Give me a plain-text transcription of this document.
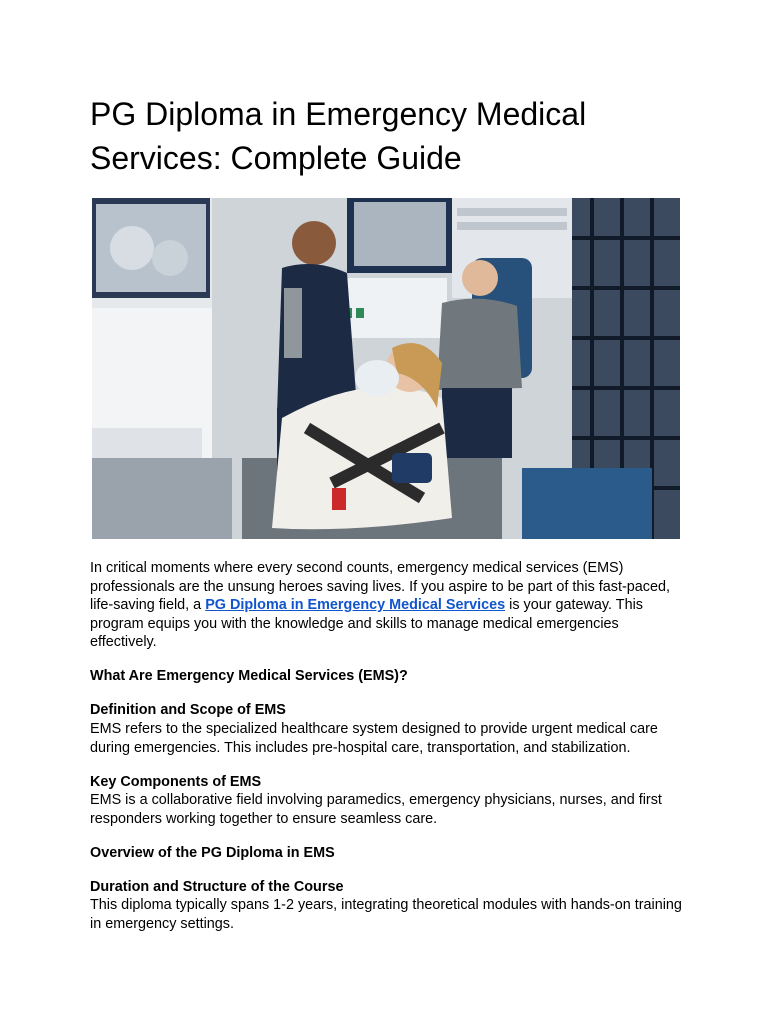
PG Diploma in Emergency Medical Services: Complete Guide

In critical moments where every second counts, emergency medical services (EMS) professionals are the unsung heroes saving lives. If you aspire to be part of this fast-paced, life-saving field, a PG Diploma in Emergency Medical Services is your gateway. This program equips you with the knowledge and skills to manage medical emergencies effectively.

What Are Emergency Medical Services (EMS)?

Definition and Scope of EMS

EMS refers to the specialized healthcare system designed to provide urgent medical care during emergencies. This includes pre-hospital care, transportation, and stabilization.

Key Components of EMS

EMS is a collaborative field involving paramedics, emergency physicians, nurses, and first responders working together to ensure seamless care.

Overview of the PG Diploma in EMS

Duration and Structure of the Course

This diploma typically spans 1-2 years, integrating theoretical modules with hands-on training in emergency settings.
